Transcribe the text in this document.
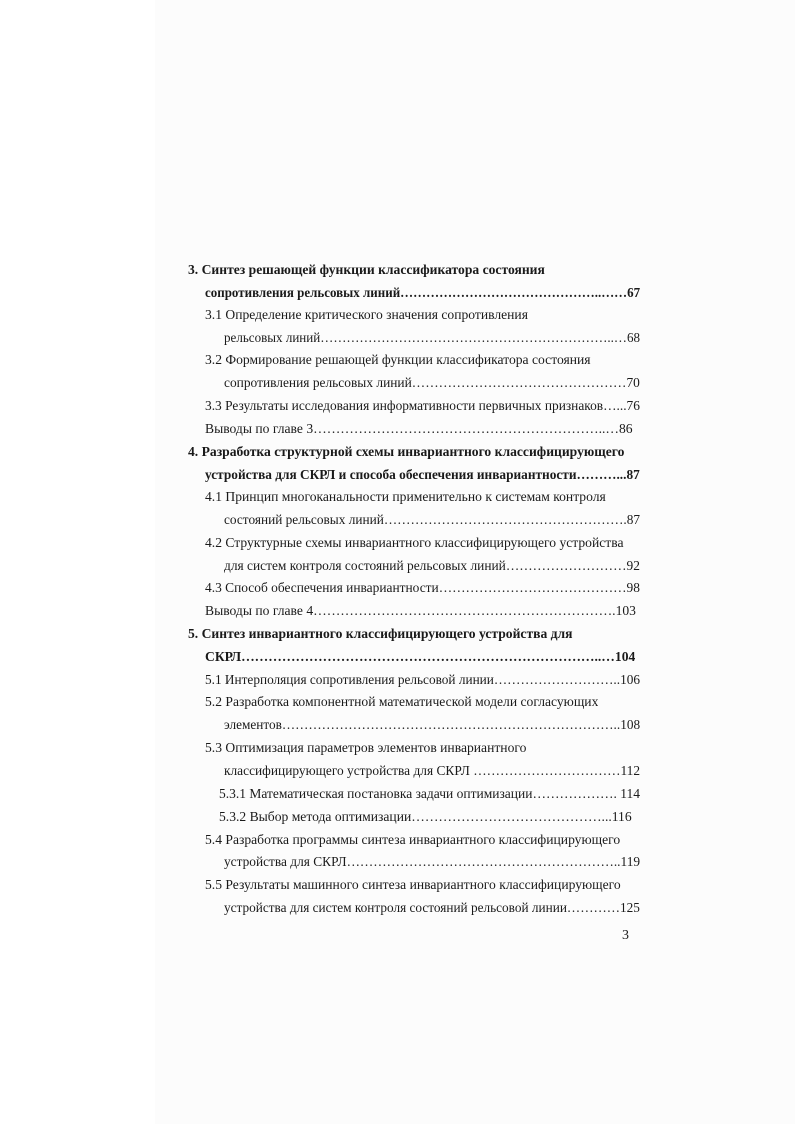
3. Синтез решающей функции классификатора состояния
сопротивления рельсовых линий………………………………………..……67
3.1 Определение критического значения сопротивления
рельсовых линий…………………………………………………………..…68
3.2 Формирование решающей функции классификатора состояния
сопротивления рельсовых линий…………………………………………70
3.3 Результаты исследования информативности первичных признаков…...76
Выводы по главе 3………………………………………………………..…86
4. Разработка структурной схемы инвариантного классифицирующего
устройства для СКРЛ и способа обеспечения инвариантности………...87
4.1 Принцип многоканальности применительно к системам контроля
состояний рельсовых линий……………………………………………….87
4.2 Структурные схемы инвариантного классифицирующего устройства
для систем контроля состояний рельсовых линий………………………92
4.3 Способ обеспечения инвариантности……………………………………98
Выводы по главе 4………………………………………………………….103
5. Синтез инвариантного классифицирующего устройства для
СКРЛ……………………………………………………………………..…104
5.1 Интерполяция сопротивления рельсовой линии………………………..106
5.2 Разработка компонентной математической модели согласующих
элементов…………………………………………………………………..108
5.3 Оптимизация параметров элементов инвариантного
классифицирующего устройства для СКРЛ ……………………………112
5.3.1 Математическая постановка задачи оптимизации………………. 114
5.3.2 Выбор метода оптимизации……………………………………...116
5.4 Разработка программы синтеза инвариантного классифицирующего
устройства для СКРЛ……………………………………………………..119
5.5 Результаты машинного синтеза инвариантного классифицирующего
устройства для систем контроля состояний рельсовой линии…………125
3
